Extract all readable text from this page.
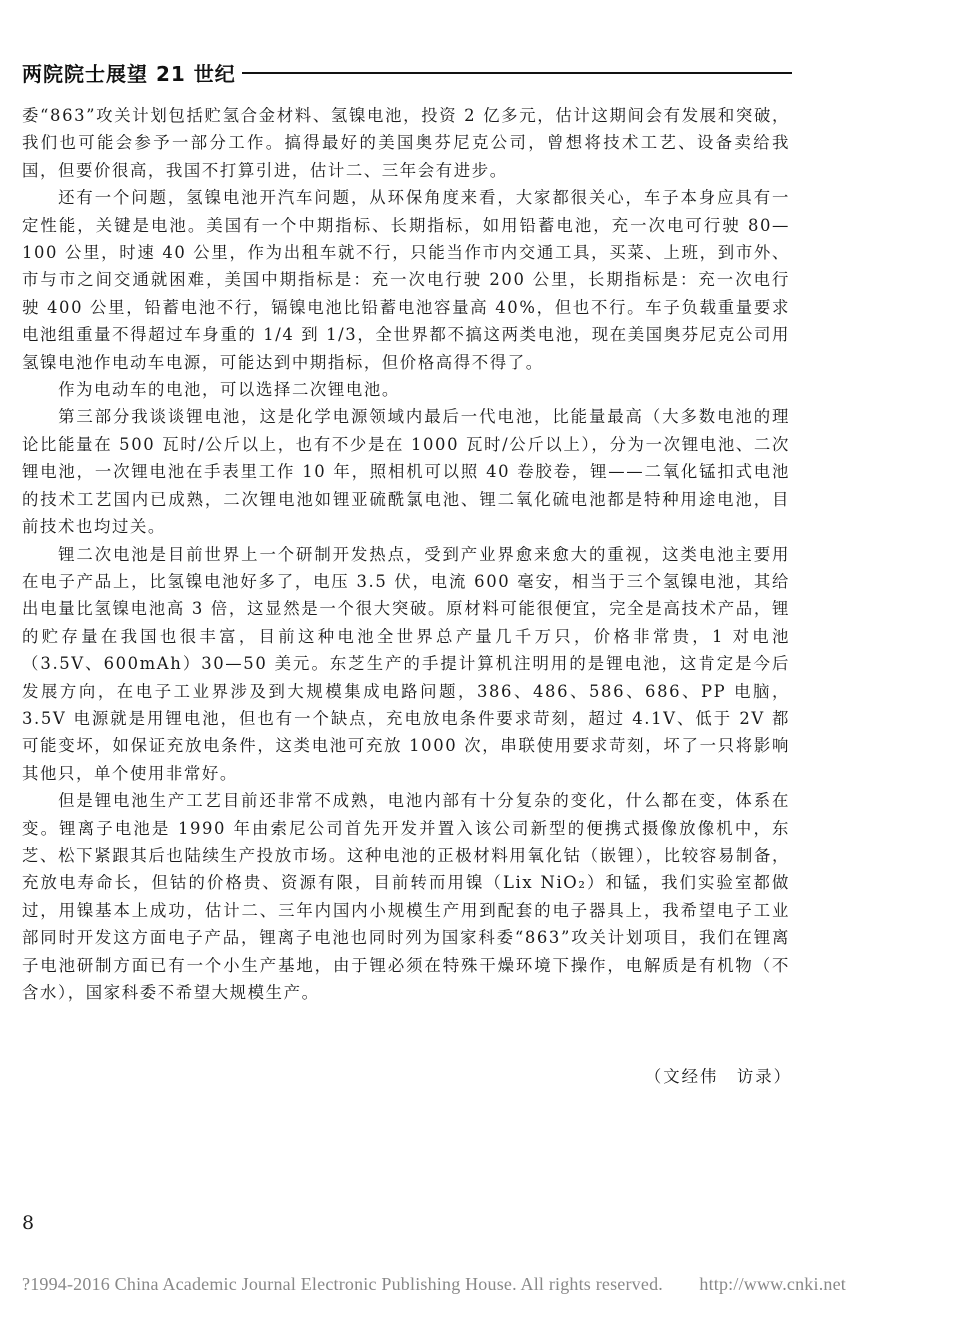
两院院士展望 21 世纪

委“863”攻关计划包括贮氢合金材料、氢镍电池，投资 2 亿多元，估计这期间会有发展和突破，我们也可能会参予一部分工作。搞得最好的美国奥芬尼克公司，曾想将技术工艺、设备卖给我国，但要价很高，我国不打算引进，估计二、三年会有进步。

还有一个问题，氢镍电池开汽车问题，从环保角度来看，大家都很关心，车子本身应具有一定性能，关键是电池。美国有一个中期指标、长期指标，如用铅蓄电池，充一次电可行驶 80—100 公里，时速 40 公里，作为出租车就不行，只能当作市内交通工具，买菜、上班，到市外、市与市之间交通就困难，美国中期指标是：充一次电行驶 200 公里，长期指标是：充一次电行驶 400 公里，铅蓄电池不行，镉镍电池比铅蓄电池容量高 40%，但也不行。车子负载重量要求电池组重量不得超过车身重的 1/4 到 1/3，全世界都不搞这两类电池，现在美国奥芬尼克公司用氢镍电池作电动车电源，可能达到中期指标，但价格高得不得了。

作为电动车的电池，可以选择二次锂电池。

第三部分我谈谈锂电池，这是化学电源领域内最后一代电池，比能量最高（大多数电池的理论比能量在 500 瓦时/公斤以上，也有不少是在 1000 瓦时/公斤以上），分为一次锂电池、二次锂电池，一次锂电池在手表里工作 10 年，照相机可以照 40 卷胶卷，锂——二氧化锰扣式电池的技术工艺国内已成熟，二次锂电池如锂亚硫酰氯电池、锂二氧化硫电池都是特种用途电池，目前技术也均过关。

锂二次电池是目前世界上一个研制开发热点，受到产业界愈来愈大的重视，这类电池主要用在电子产品上，比氢镍电池好多了，电压 3.5 伏，电流 600 毫安，相当于三个氢镍电池，其给出电量比氢镍电池高 3 倍，这显然是一个很大突破。原材料可能很便宜，完全是高技术产品，锂的贮存量在我国也很丰富，目前这种电池全世界总产量几千万只，价格非常贵，1 对电池（3.5V、600mAh）30—50 美元。东芝生产的手提计算机注明用的是锂电池，这肯定是今后发展方向，在电子工业界涉及到大规模集成电路问题，386、486、586、686、PP 电脑，3.5V 电源就是用锂电池，但也有一个缺点，充电放电条件要求苛刻，超过 4.1V、低于 2V 都可能变坏，如保证充放电条件，这类电池可充放 1000 次，串联使用要求苛刻，坏了一只将影响其他只，单个使用非常好。

但是锂电池生产工艺目前还非常不成熟，电池内部有十分复杂的变化，什么都在变，体系在变。锂离子电池是 1990 年由索尼公司首先开发并置入该公司新型的便携式摄像放像机中，东芝、松下紧跟其后也陆续生产投放市场。这种电池的正极材料用氧化钴（嵌锂），比较容易制备，充放电寿命长，但钴的价格贵、资源有限，目前转而用镍（Lix NiO₂）和锰，我们实验室都做过，用镍基本上成功，估计二、三年内国内小规模生产用到配套的电子器具上，我希望电子工业部同时开发这方面电子产品，锂离子电池也同时列为国家科委“863”攻关计划项目，我们在锂离子电池研制方面已有一个小生产基地，由于锂必须在特殊干燥环境下操作，电解质是有机物（不含水），国家科委不希望大规模生产。

（文经伟　访录）
8
?1994-2016 China Academic Journal Electronic Publishing House. All rights reserved.　　http://www.cnki.net
